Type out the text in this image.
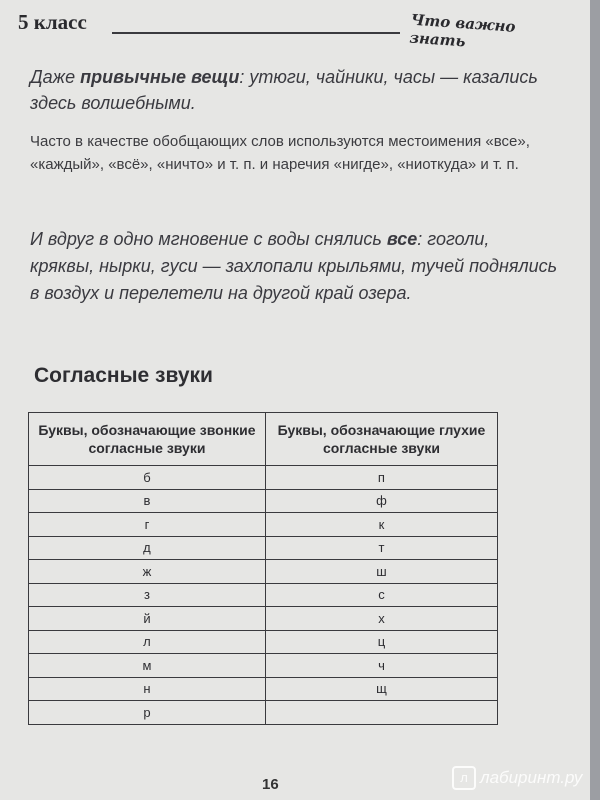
5 класс	Что важно знать

Даже привычные вещи: утюги, чайники, часы — казались здесь волшебными.

Часто в качестве обобщающих слов используются местоимения «все», «каждый», «всё», «ничто» и т. п. и наречия «нигде», «ниоткуда» и т. п.

И вдруг в одно мгновение с воды снялись все: гоголи, кряквы, нырки, гуси — захлопали крыльями, тучей поднялись в воздух и перелетели на другой край озера.

Согласные звуки
Буквы, обозначающие звонкие согласные звуки	Буквы, обозначающие глухие согласные звуки
б	п
в	ф
г	к
д	т
ж	ш
з	с
й	х
л	ц
м	ч
н	щ
р	
16	л лабиринт.ру
